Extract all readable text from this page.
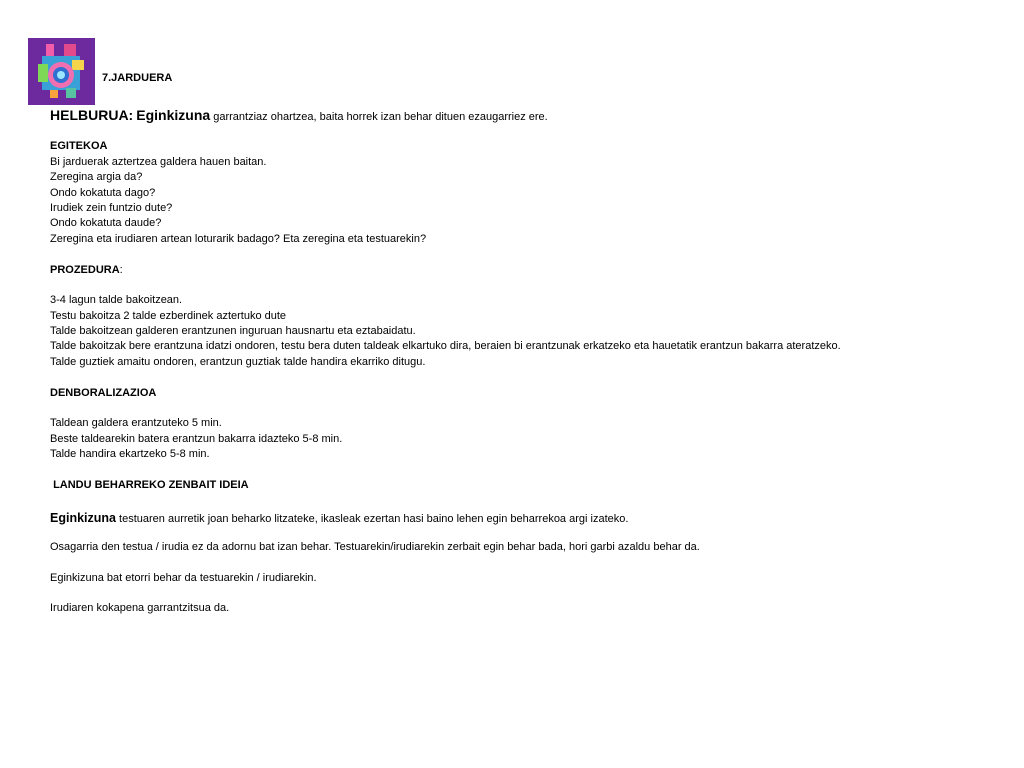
7.JARDUERA
HELBURUA: Eginkizuna garrantziaz ohartzea, baita horrek izan behar dituen ezaugarriez ere.
EGITEKOA
Bi jarduerak aztertzea galdera hauen baitan.
Zeregina argia da?
Ondo kokatuta dago?
Irudiek zein funtzio dute?
Ondo kokatuta daude?
Zeregina eta irudiaren artean loturarik badago? Eta zeregina eta testuarekin?
PROZEDURA:
3-4 lagun talde bakoitzean.
Testu bakoitza 2 talde ezberdinek aztertuko dute
Talde bakoitzean galderen erantzunen inguruan hausnartu eta eztabaidatu.
Talde bakoitzak bere erantzuna idatzi ondoren, testu bera duten taldeak elkartuko dira, beraien bi erantzunak erkatzeko eta hauetatik erantzun bakarra ateratzeko.
Talde guztiek amaitu ondoren, erantzun guztiak talde handira ekarriko ditugu.
DENBORALIZAZIOA
Taldean galdera erantzuteko 5 min.
Beste taldearekin batera erantzun bakarra idazteko 5-8 min.
Talde handira ekartzeko 5-8 min.
LANDU BEHARREKO ZENBAIT IDEIA
Eginkizuna testuaren aurretik joan beharko litzateke, ikasleak ezertan hasi baino lehen egin beharrekoa argi izateko.
Osagarria den testua / irudia ez da adornu bat izan behar. Testuarekin/irudiarekin zerbait egin behar bada, hori garbi azaldu behar da.
Eginkizuna bat etorri behar da testuarekin / irudiarekin.
Irudiaren kokapena garrantzitsua da.
